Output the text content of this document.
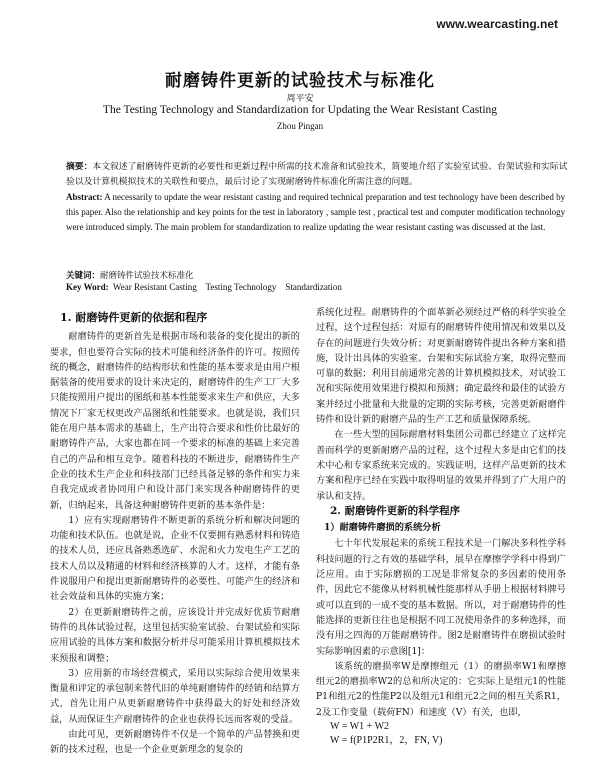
www.wearcasting.net
耐磨铸件更新的试验技术与标准化
周平安
The Testing Technology and Standardization for Updating the Wear Resistant Casting
Zhou Pingan
摘要：本文叙述了耐磨铸件更新的必要性和更新过程中所需的技术准备和试验技术，简要地介绍了实验室试验、台架试验和实际试验以及计算机模拟技术的关联性和要点，最后讨论了实现耐磨铸件标准化所需注意的问题。
Abstract: A necessarily to update the wear resistant casting and required technical preparation and test technology have been described by this paper. Also the relationship and key points for the test in laboratory , sample test , practical test and computer modification technology were introduced simply. The main problem for standardization to realize updating the wear resistant casting was discussed at the last.
关键词：耐磨铸件试验技术标准化
Key Word:  Wear Resistant Casting    Testing Technology    Standardization

1. 耐磨铸件更新的依据和程序

耐磨铸件的更新首先是根据市场和装备的变化提出的新的要求，但也要符合实际的技术可能和经济条件的许可。按照传统的概念，耐磨铸件的结构形状和性能的基本要求是由用户根据装备的使用要求的设计来决定的，耐磨铸件的生产工厂大多只能按照用户提出的图纸和基本性能要求来生产和供应，大多情况下厂家无权更改产品图纸和性能要求。也就是说，我们只能在用户基本需求的基础上，生产出符合要求和性价比最好的耐磨铸件产品，大家也都在同一个要求的标准的基础上来完善自己的产品和相互竞争。随着科技的不断进步，耐磨铸件生产企业的技术生产企业和科技部门已经具备足够的条件和实力来自我完成或者协同用户和设计部门来实现各种耐磨铸件的更新，归纳起来，具备这种耐磨铸件更新的基本条件是：

1）应有实现耐磨铸件不断更新的系统分析和解决问题的功能和技术队伍。也就是说，企业不仅要拥有熟悉材料和铸造的技术人员，还应具备熟悉选矿、水泥和火力发电生产工艺的技术人员以及精通的材料和经济核算的人才。这样，才能有条件说服用户和提出更新耐磨铸件的必要性、可能产生的经济和社会效益和具体的实施方案；

2）在更新耐磨铸件之前，应该设计并完成好优质节耐磨铸件的具体试验过程，这里包括实验室试验、台架试验和实际应用试验的具体方案和数据分析并尽可能采用计算机模拟技术来预报和调整；

3）应用新的市场经营模式，采用以实际综合使用效果来衡量和评定的承包制来替代旧的单纯耐磨铸件的经销和结算方式，首先让用户从更新耐磨铸件中获得最大的好处和经济效益，从而保证生产耐磨铸件的企业也获得长远而客观的受益。

由此可见，更新耐磨铸件不仅是一个简单的产品替换和更新的技术过程，也是一个企业更新理念的复杂的

系统化过程。耐磨铸件的个面革新必须经过严格的科学实验全过程，这个过程包括：对原有的耐磨铸件使用情况和效果以及存在的问题进行失效分析；对更新耐磨铸件提出各种方案和措施，设计出具体的实验室、台架和实际试验方案，取得完整而可靠的数据；利用目前通常完善的计算机模拟技术，对试验工况和实际使用效果进行模拟和预测；确定最终和最佳的试验方案并经过小批量和大批量的定期的实际考核，完善更新耐磨件铸件和设计新的耐磨产品的生产工艺和质量保障系统。

在一些大型的国际耐磨材料集团公司都已经建立了这样完善而科学的更新耐磨产品的过程，这个过程大多是由它们的技术中心和专家系统来完成的。实践证明，这样产品更新的技术方案和程序已经在实践中取得明显的效果并得到了广大用户的承认和支持。

2. 耐磨铸件更新的科学程序

1）耐磨铸件磨损的系统分析

七十年代发展起来的系统工程技术是一门解决多科性学科科技问题的行之有效的基础学科，展早在摩擦学学科中得到广泛应用。由于实际磨损的工况是非常复杂的多因素的使用条件，因此它不能像从材料机械性能那样从手册上根据材料牌号或可以直到的一成不变的基本数据。所以，对于耐磨铸件的性能选择的更新往往也是根据不同工况使用条件的多种选择，而没有用之四海的万能耐磨铸件。图2是耐磨铸件在磨损试验时实际影响因素的示意图[1]：

该系统的磨损率W是摩擦组元（1）的磨损率W1和摩擦组元2的磨损率W2的总和所决定的：它实际上是组元1的性能P1和组元2的性能P2以及组元1和组元2之间的相互关系R1，2及工作变量（载荷FN）和速度（V）有关，也即，

W = W1 + W2

W = f(P1P2R1，2，FN, V)
